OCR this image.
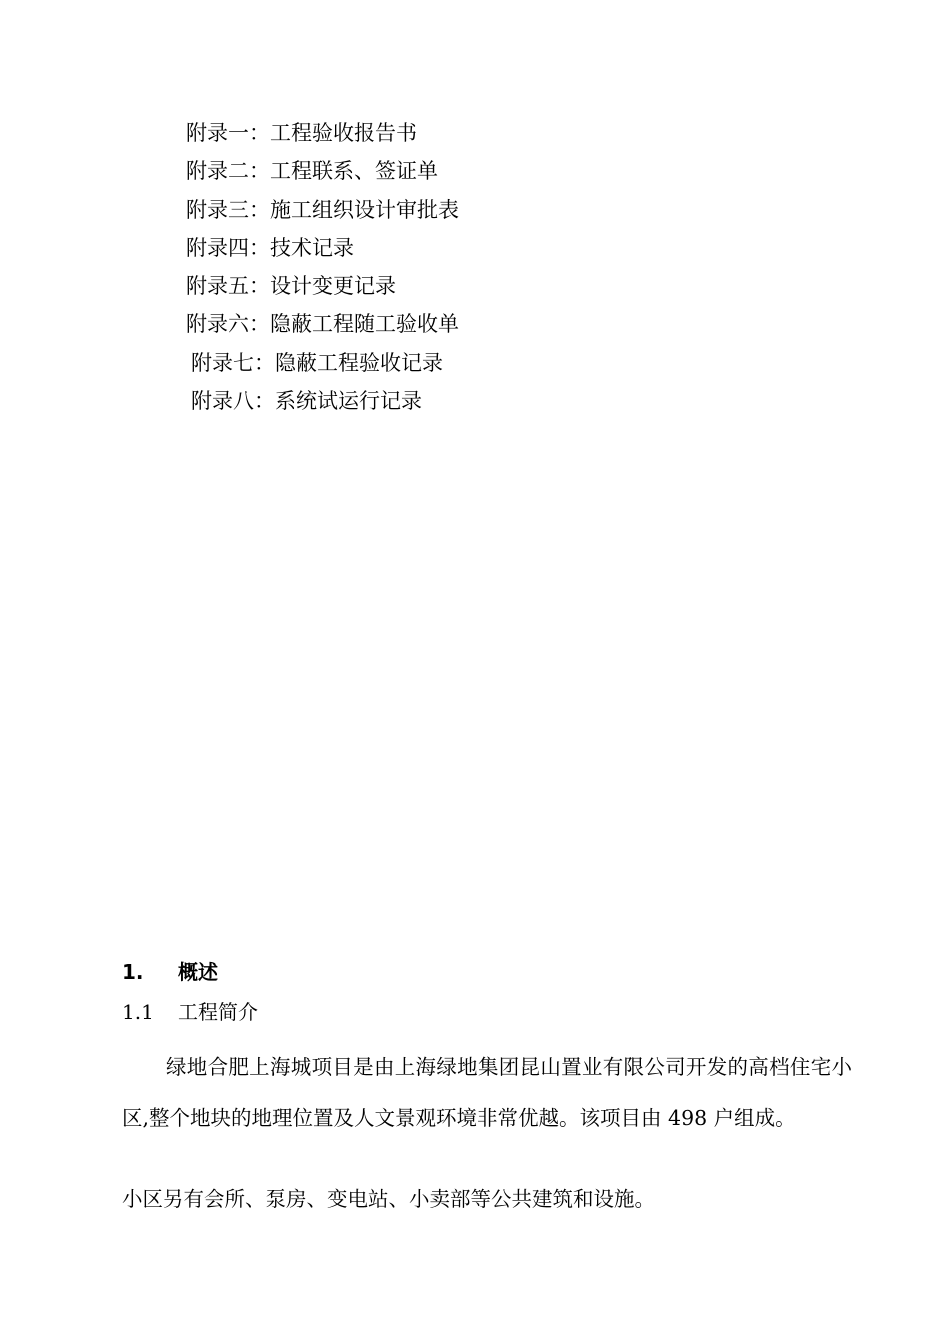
附录一：工程验收报告书
附录二：工程联系、签证单
附录三：施工组织设计审批表
附录四：技术记录
附录五：设计变更记录
附录六：隐蔽工程随工验收单
附录七：隐蔽工程验收记录
附录八：系统试运行记录
1. 概述
1.1 工程简介

绿地合肥上海城项目是由上海绿地集团昆山置业有限公司开发的高档住宅小区,整个地块的地理位置及人文景观环境非常优越。该项目由 498 户组成。

小区另有会所、泵房、变电站、小卖部等公共建筑和设施。
